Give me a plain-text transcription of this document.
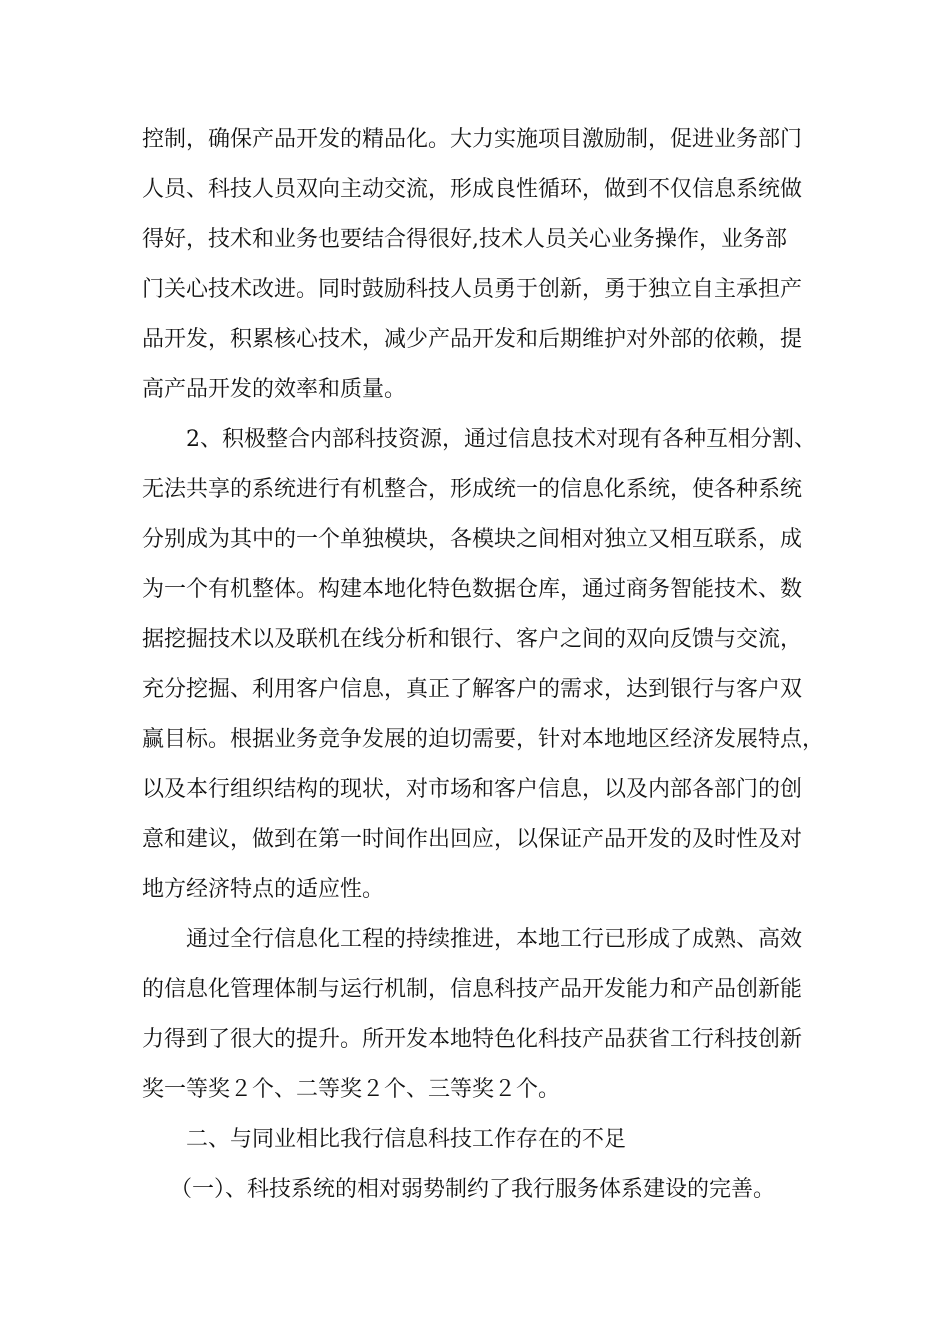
控制，确保产品开发的精品化。大力实施项目激励制，促进业务部门
人员、科技人员双向主动交流，形成良性循环，做到不仅信息系统做
得好，技术和业务也要结合得很好,技术人员关心业务操作，业务部
门关心技术改进。同时鼓励科技人员勇于创新，勇于独立自主承担产
品开发，积累核心技术，减少产品开发和后期维护对外部的依赖，提
高产品开发的效率和质量。
2、积极整合内部科技资源，通过信息技术对现有各种互相分割、
无法共享的系统进行有机整合，形成统一的信息化系统，使各种系统
分别成为其中的一个单独模块，各模块之间相对独立又相互联系，成
为一个有机整体。构建本地化特色数据仓库，通过商务智能技术、数
据挖掘技术以及联机在线分析和银行、客户之间的双向反馈与交流，
充分挖掘、利用客户信息，真正了解客户的需求，达到银行与客户双
赢目标。根据业务竞争发展的迫切需要，针对本地地区经济发展特点，
以及本行组织结构的现状，对市场和客户信息，以及内部各部门的创
意和建议，做到在第一时间作出回应，以保证产品开发的及时性及对
地方经济特点的适应性。
通过全行信息化工程的持续推进，本地工行已形成了成熟、高效
的信息化管理体制与运行机制，信息科技产品开发能力和产品创新能
力得到了很大的提升。所开发本地特色化科技产品获省工行科技创新
奖一等奖２个、二等奖２个、三等奖２个。
二、与同业相比我行信息科技工作存在的不足
（一）、科技系统的相对弱势制约了我行服务体系建设的完善。
